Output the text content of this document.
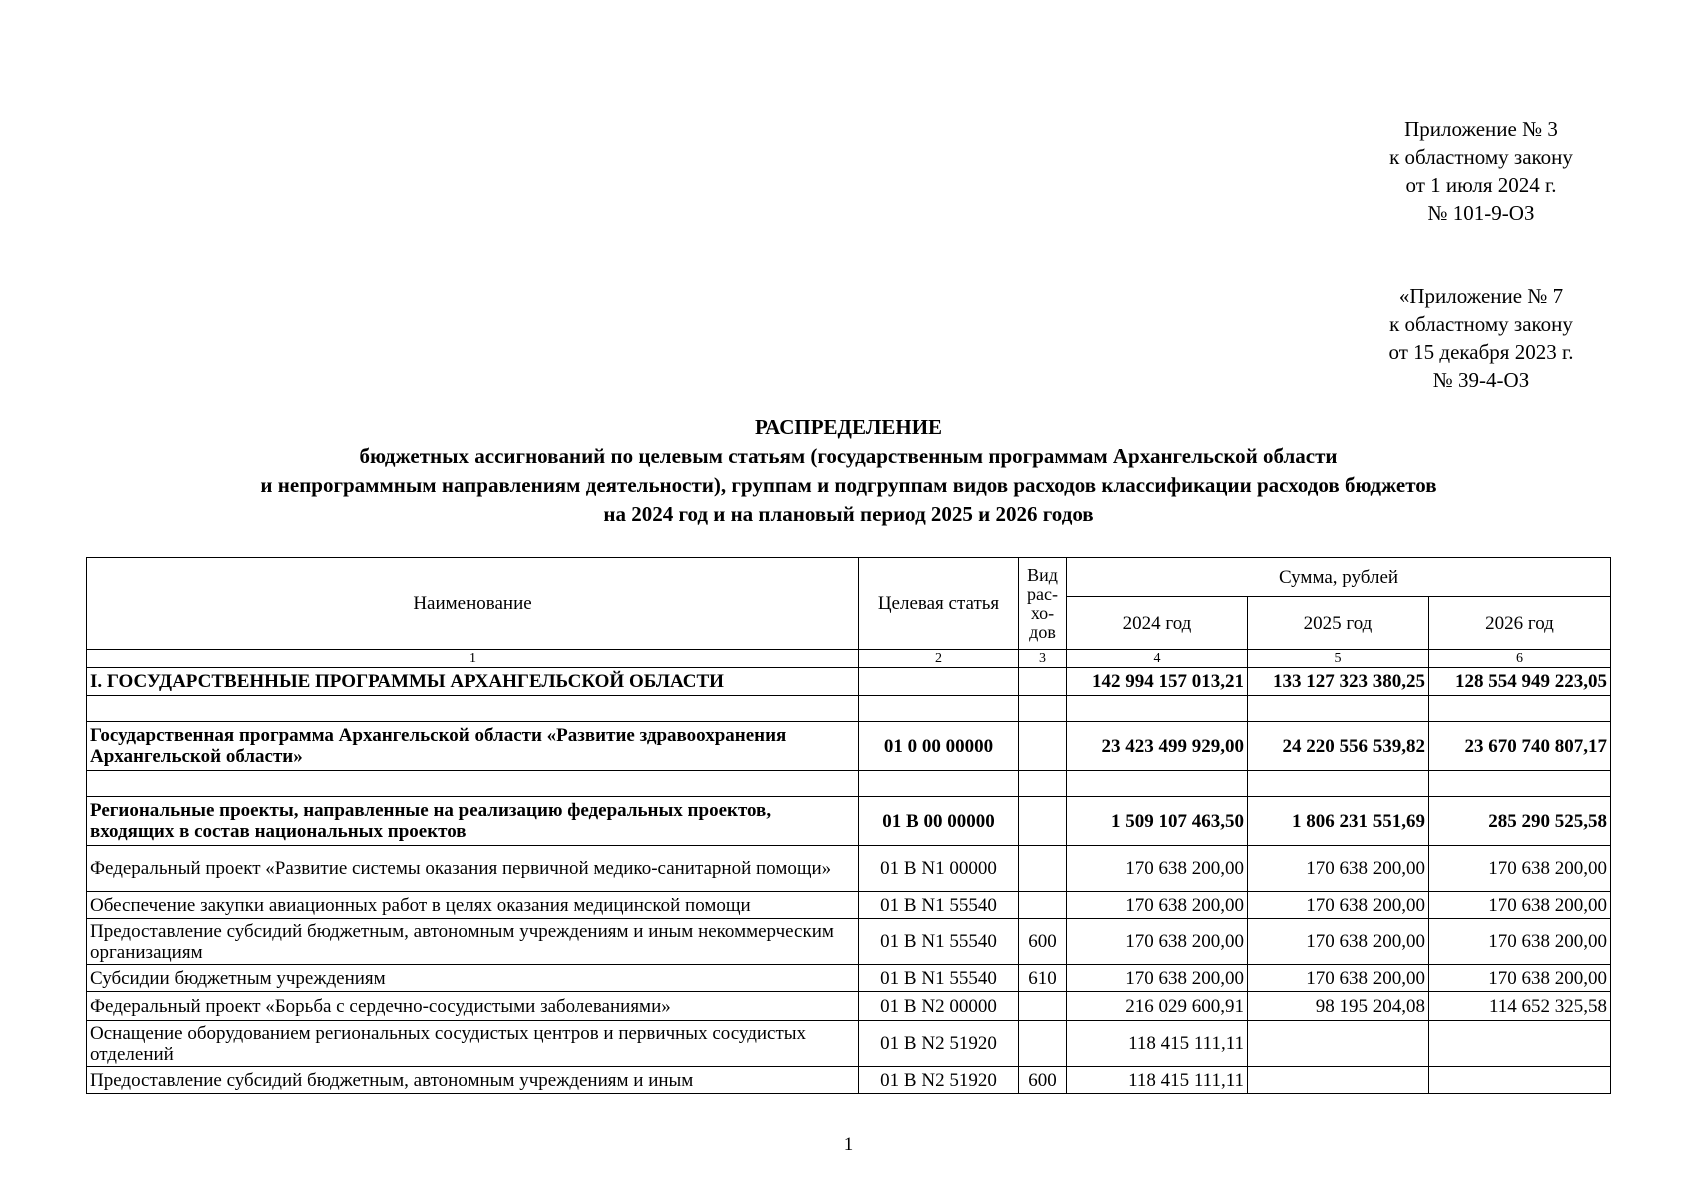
Приложение № 3
к областному закону
от 1 июля 2024 г.
№ 101-9-ОЗ
«Приложение № 7
к областному закону
от 15 декабря 2023 г.
№ 39-4-ОЗ
РАСПРЕДЕЛЕНИЕ
бюджетных ассигнований по целевым статьям (государственным программам Архангельской области
и непрограммным направлениям деятельности), группам и подгруппам видов расходов классификации расходов бюджетов
на 2024 год и на плановый период 2025 и 2026 годов
Наименование	Целевая статья	Вид рас- хо- дов	Сумма, рублей		
			2024 год	2025 год	2026 год
1	2	3	4	5	6
I. ГОСУДАРСТВЕННЫЕ ПРОГРАММЫ АРХАНГЕЛЬСКОЙ ОБЛАСТИ			142 994 157 013,21	133 127 323 380,25	128 554 949 223,05

Государственная программа Архангельской области «Развитие здравоохранения Архангельской области»	01 0 00 00000		23 423 499 929,00	24 220 556 539,82	23 670 740 807,17

Региональные проекты, направленные на реализацию федеральных проектов, входящих в состав национальных проектов	01 В 00 00000		1 509 107 463,50	1 806 231 551,69	285 290 525,58
Федеральный проект «Развитие системы оказания первичной медико-санитарной помощи»	01 В N1 00000		170 638 200,00	170 638 200,00	170 638 200,00
Обеспечение закупки авиационных работ в целях оказания медицинской помощи	01 В N1 55540		170 638 200,00	170 638 200,00	170 638 200,00
Предоставление субсидий бюджетным, автономным учреждениям и иным некоммерческим организациям	01 В N1 55540	600	170 638 200,00	170 638 200,00	170 638 200,00
Субсидии бюджетным учреждениям	01 В N1 55540	610	170 638 200,00	170 638 200,00	170 638 200,00
Федеральный проект «Борьба с сердечно-сосудистыми заболеваниями»	01 В N2 00000		216 029 600,91	98 195 204,08	114 652 325,58
Оснащение оборудованием региональных сосудистых центров и первичных сосудистых отделений	01 В N2 51920		118 415 111,11		
Предоставление субсидий бюджетным, автономным учреждениям и иным	01 В N2 51920	600	118 415 111,11		
1
